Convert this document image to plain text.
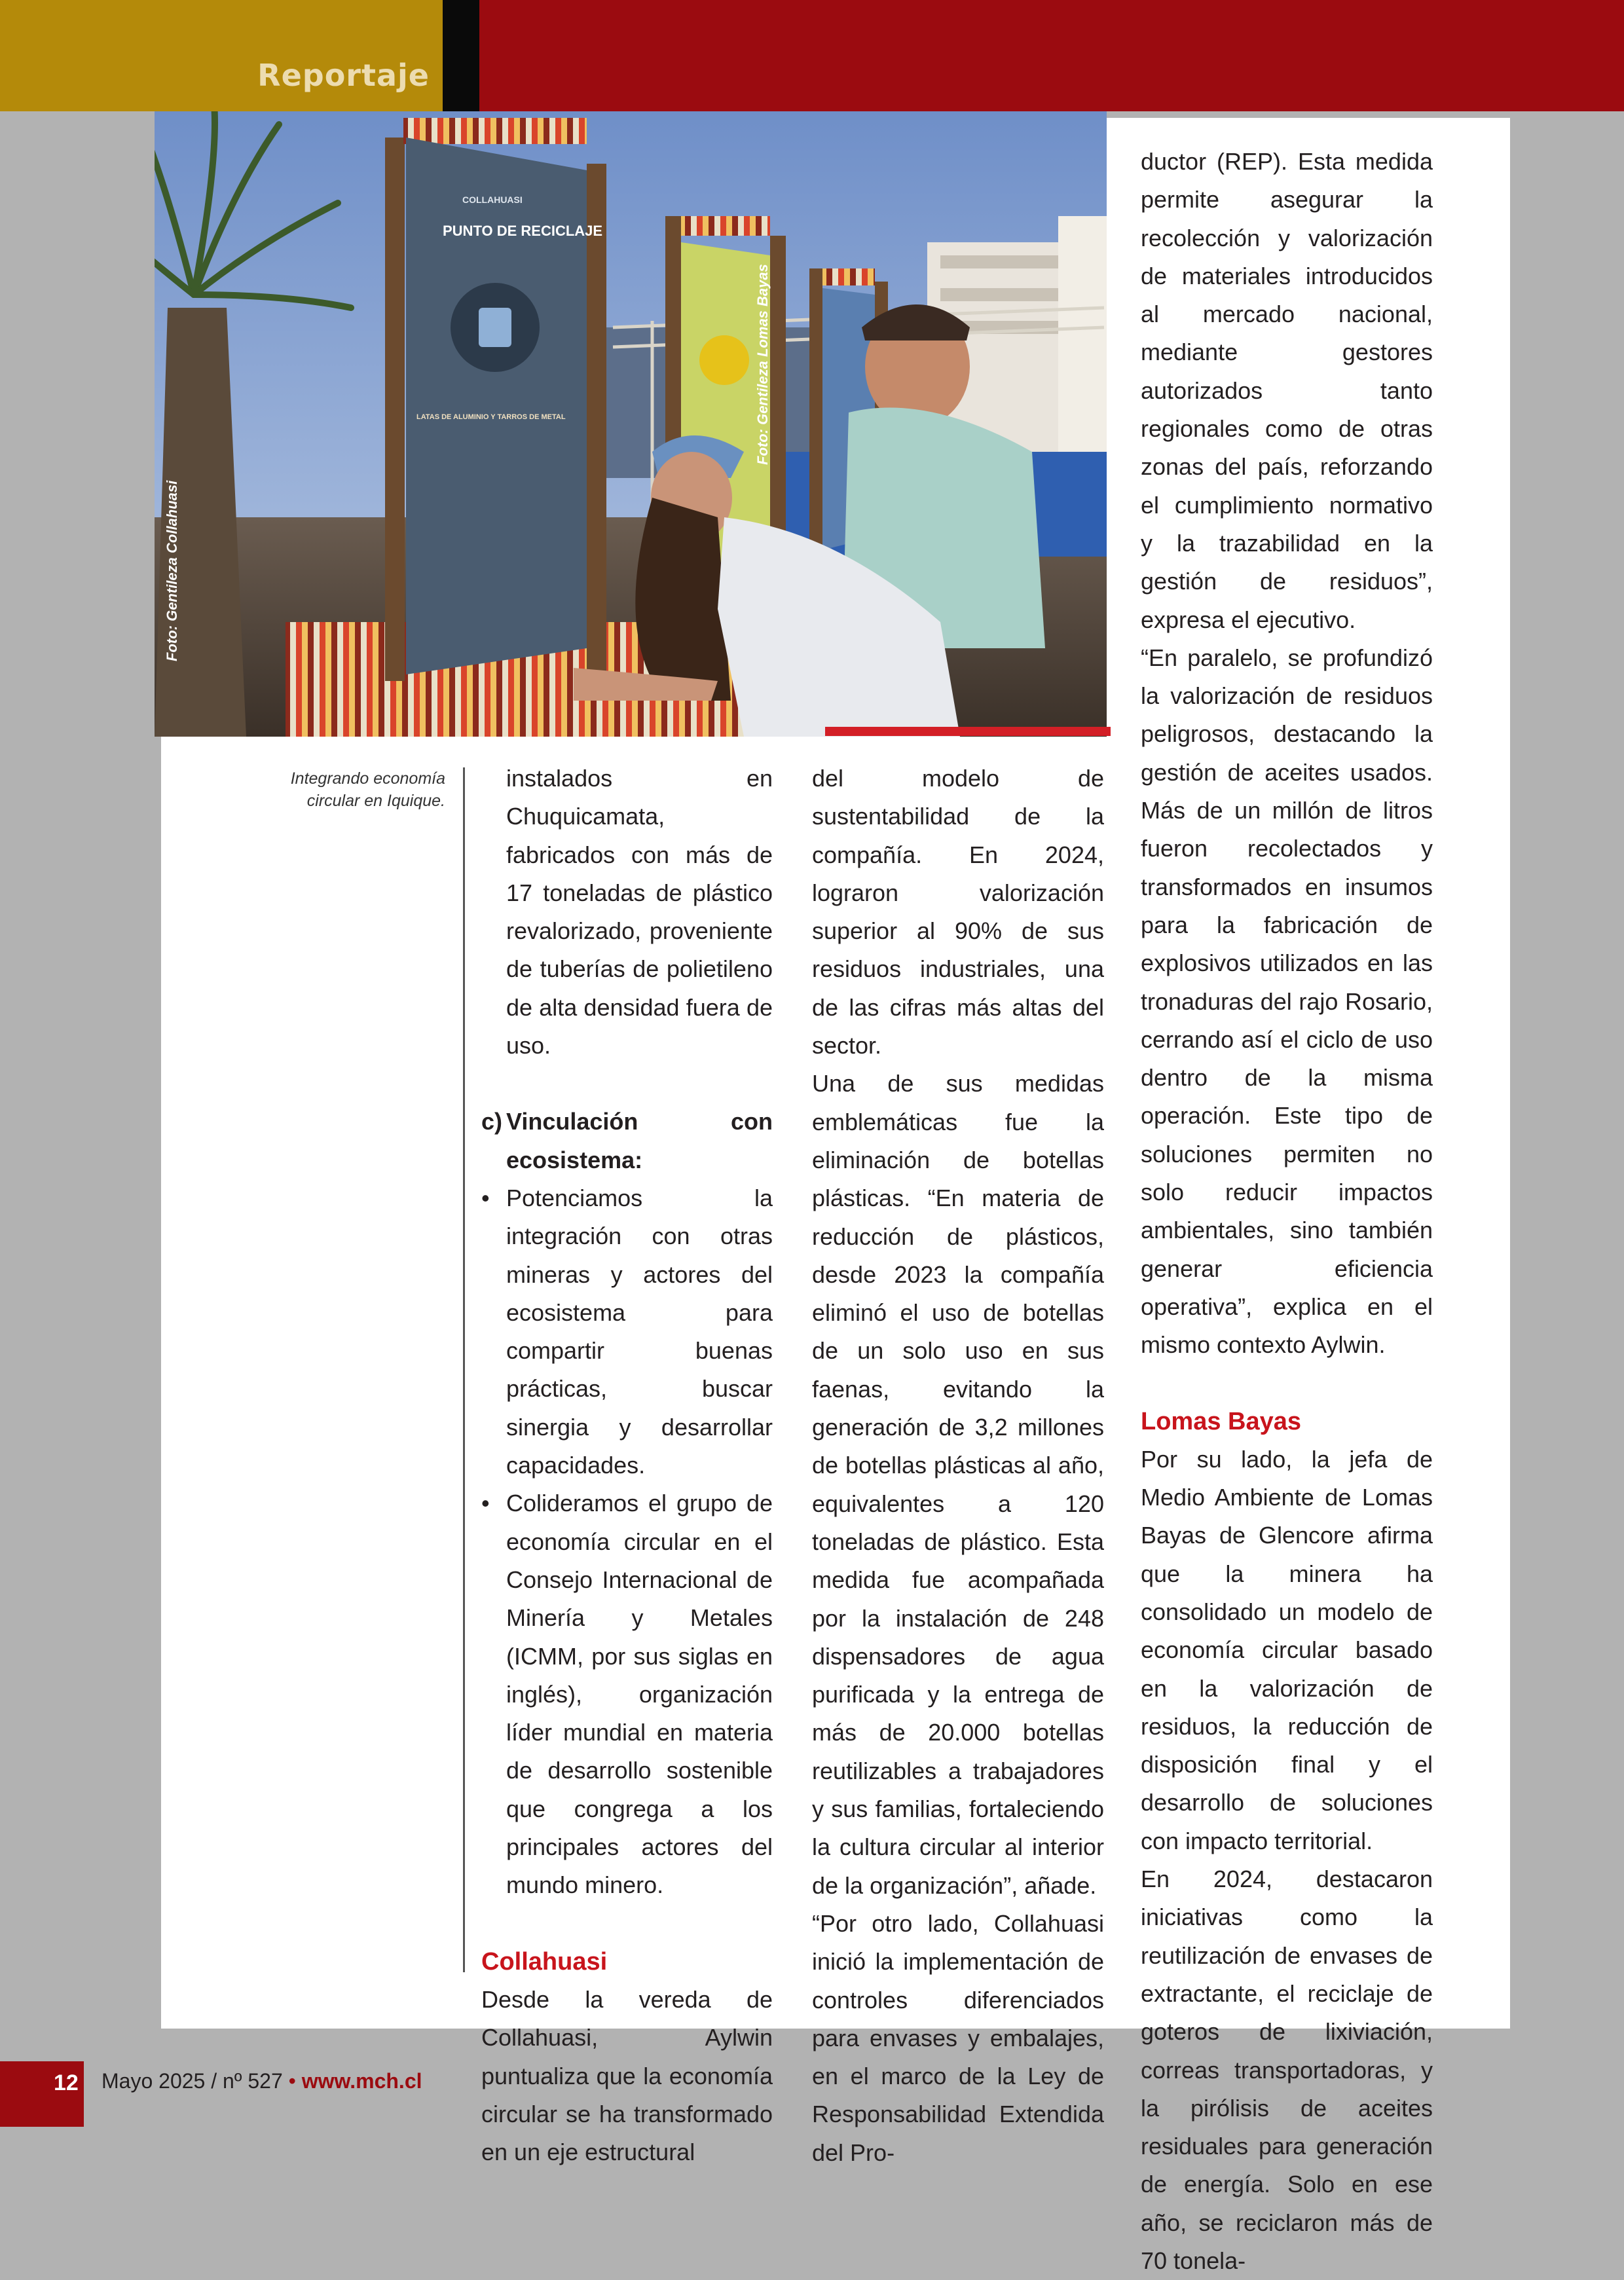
Reportaje
COLLAHUASI
PUNTO DE RECICLAJE
LATAS DE ALUMINIO Y TARROS DE METAL
Foto: Gentileza Collahuasi
Foto: Gentileza Lomas Bayas
Integrando economía circular en Iquique.

instalados en Chuquicamata, fabricados con más de 17 toneladas de plástico revalorizado, proveniente de tuberías de polietileno de alta densidad fuera de uso.

c) Vinculación con ecosistema:

• Potenciamos la integración con otras mineras y actores del ecosistema para compartir buenas prácticas, buscar sinergia y desarrollar capacidades.
• Colideramos el grupo de economía circular en el Consejo Internacional de Minería y Metales (ICMM, por sus siglas en inglés), organización líder mundial en materia de desarrollo sostenible que congrega a los principales actores del mundo minero.

Collahuasi

Desde la vereda de Collahuasi, Aylwin puntualiza que la economía circular se ha transformado en un eje estructural

del modelo de sustentabilidad de la compañía. En 2024, lograron valorización superior al 90% de sus residuos industriales, una de las cifras más altas del sector.

Una de sus medidas emblemáticas fue la eliminación de botellas plásticas. “En materia de reducción de plásticos, desde 2023 la compañía eliminó el uso de botellas de un solo uso en sus faenas, evitando la generación de 3,2 millones de botellas plásticas al año, equivalentes a 120 toneladas de plástico. Esta medida fue acompañada por la instalación de 248 dispensadores de agua purificada y la entrega de más de 20.000 botellas reutilizables a trabajadores y sus familias, fortaleciendo la cultura circular al interior de la organización”, añade.

“Por otro lado, Collahuasi inició la implementación de controles diferenciados para envases y embalajes, en el marco de la Ley de Responsabilidad Extendida del Pro-

ductor (REP). Esta medida permite asegurar la recolección y valorización de materiales introducidos al mercado nacional, mediante gestores autorizados tanto regionales como de otras zonas del país, reforzando el cumplimiento normativo y la trazabilidad en la gestión de residuos”, expresa el ejecutivo.

“En paralelo, se profundizó la valorización de residuos peligrosos, destacando la gestión de aceites usados. Más de un millón de litros fueron recolectados y transformados en insumos para la fabricación de explosivos utilizados en las tronaduras del rajo Rosario, cerrando así el ciclo de uso dentro de la misma operación. Este tipo de soluciones permiten no solo reducir impactos ambientales, sino también generar eficiencia operativa”, explica en el mismo contexto Aylwin.

Lomas Bayas

Por su lado, la jefa de Medio Ambiente de Lomas Bayas de Glencore afirma que la minera ha consolidado un modelo de economía circular basado en la valorización de residuos, la reducción de disposición final y el desarrollo de soluciones con impacto territorial.

En 2024, destacaron iniciativas como la reutilización de envases de extractante, el reciclaje de goteros de lixiviación, correas transportadoras, y la pirólisis de aceites residuales para generación de energía. Solo en ese año, se reciclaron más de 70 tonela-

12 Mayo 2025 / nº 527 • www.mch.cl
